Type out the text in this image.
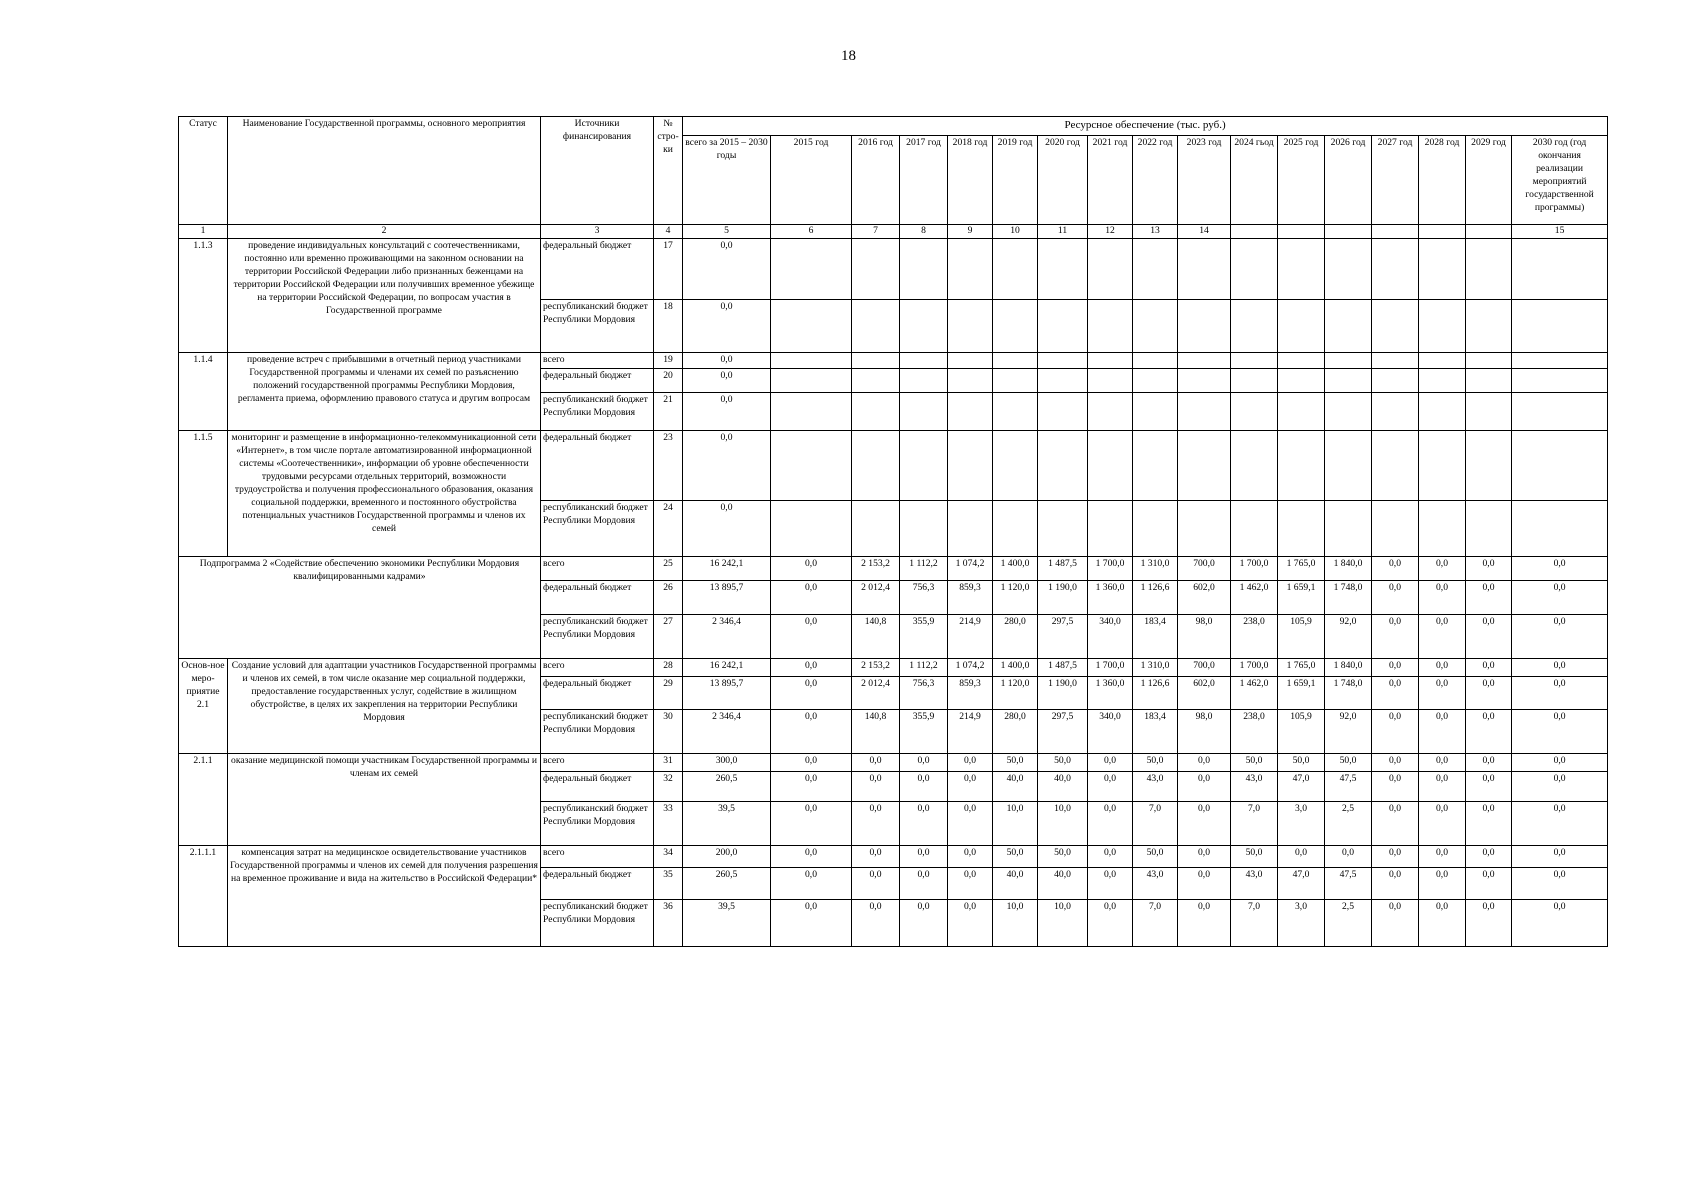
18
Статус	Наименование Государственной программы, основного мероприятия	Источники финансирования	№ стро-ки	Ресурсное обеспечение (тыс. руб.)																
				всего за 2015 – 2030 годы	2015 год	2016 год	2017 год	2018 год	2019 год	2020 год	2021 год	2022 год	2023 год	2024 гьод	2025 год	2026 год	2027 год	2028 год	2029 год	2030 год (год окончания реализации мероприятий государственной программы)
1	2	3	4	5	6	7	8	9	10	11	12	13	14							15
1.1.3	проведение индивидуальных консультаций с соотечественниками, постоянно или временно проживающими на законном основании на территории Российской Федерации либо признанных беженцами на территории Российской Федерации или получивших временное убежище на территории Российской Федерации, по вопросам участия в Государственной программе	федеральный бюджет	17	0,0																
		республиканский бюджет Республики Мордовия	18	0,0																
1.1.4	проведение встреч с прибывшими в отчетный период участниками Государственной программы и членами их семей по разъяснению положений государственной программы Республики Мордовия, регламента приема, оформлению правового статуса и другим вопросам	всего	19	0,0																
		федеральный бюджет	20	0,0																
		республиканский бюджет Республики Мордовия	21	0,0																
1.1.5	мониторинг и размещение в информационно-телекоммуникационной сети «Интернет», в том числе портале автоматизированной информационной системы «Соотечественники», информации об уровне обеспеченности трудовыми ресурсами отдельных территорий, возможности трудоустройства и получения профессионального образования, оказания социальной поддержки, временного и постоянного обустройства потенциальных участников Государственной программы и членов их семей	федеральный бюджет	23	0,0																
		республиканский бюджет Республики Мордовия	24	0,0																
Подпрограмма 2 «Содействие обеспечению экономики Республики Мордовия квалифицированными кадрами»		всего	25	16 242,1	0,0	2 153,2	1 112,2	1 074,2	1 400,0	1 487,5	1 700,0	1 310,0	700,0	1 700,0	1 765,0	1 840,0	0,0	0,0	0,0	0,0
		федеральный бюджет	26	13 895,7	0,0	2 012,4	756,3	859,3	1 120,0	1 190,0	1 360,0	1 126,6	602,0	1 462,0	1 659,1	1 748,0	0,0	0,0	0,0	0,0
		республиканский бюджет Республики Мордовия	27	2 346,4	0,0	140,8	355,9	214,9	280,0	297,5	340,0	183,4	98,0	238,0	105,9	92,0	0,0	0,0	0,0	0,0
Основ-ное меро-приятие 2.1	Создание условий для адаптации участников Государственной программы и членов их семей, в том числе оказание мер социальной поддержки, предоставление государственных услуг, содействие в жилищном обустройстве, в целях их закрепления на территории Республики Мордовия	всего	28	16 242,1	0,0	2 153,2	1 112,2	1 074,2	1 400,0	1 487,5	1 700,0	1 310,0	700,0	1 700,0	1 765,0	1 840,0	0,0	0,0	0,0	0,0
		федеральный бюджет	29	13 895,7	0,0	2 012,4	756,3	859,3	1 120,0	1 190,0	1 360,0	1 126,6	602,0	1 462,0	1 659,1	1 748,0	0,0	0,0	0,0	0,0
		республиканский бюджет Республики Мордовия	30	2 346,4	0,0	140,8	355,9	214,9	280,0	297,5	340,0	183,4	98,0	238,0	105,9	92,0	0,0	0,0	0,0	0,0
2.1.1	оказание медицинской помощи участникам Государственной программы и членам их семей	всего	31	300,0	0,0	0,0	0,0	0,0	50,0	50,0	0,0	50,0	0,0	50,0	50,0	50,0	0,0	0,0	0,0	0,0
		федеральный бюджет	32	260,5	0,0	0,0	0,0	0,0	40,0	40,0	0,0	43,0	0,0	43,0	47,0	47,5	0,0	0,0	0,0	0,0
		республиканский бюджет Республики Мордовия	33	39,5	0,0	0,0	0,0	0,0	10,0	10,0	0,0	7,0	0,0	7,0	3,0	2,5	0,0	0,0	0,0	0,0
2.1.1.1	компенсация затрат на медицинское освидетельствование участников Государственной программы и членов их семей для получения разрешения на временное проживание и вида на жительство в Российской Федерации*	всего	34	200,0	0,0	0,0	0,0	0,0	50,0	50,0	0,0	50,0	0,0	50,0	0,0	0,0	0,0	0,0	0,0	0,0
		федеральный бюджет	35	260,5	0,0	0,0	0,0	0,0	40,0	40,0	0,0	43,0	0,0	43,0	47,0	47,5	0,0	0,0	0,0	0,0
		республиканский бюджет Республики Мордовия	36	39,5	0,0	0,0	0,0	0,0	10,0	10,0	0,0	7,0	0,0	7,0	3,0	2,5	0,0	0,0	0,0	0,0
